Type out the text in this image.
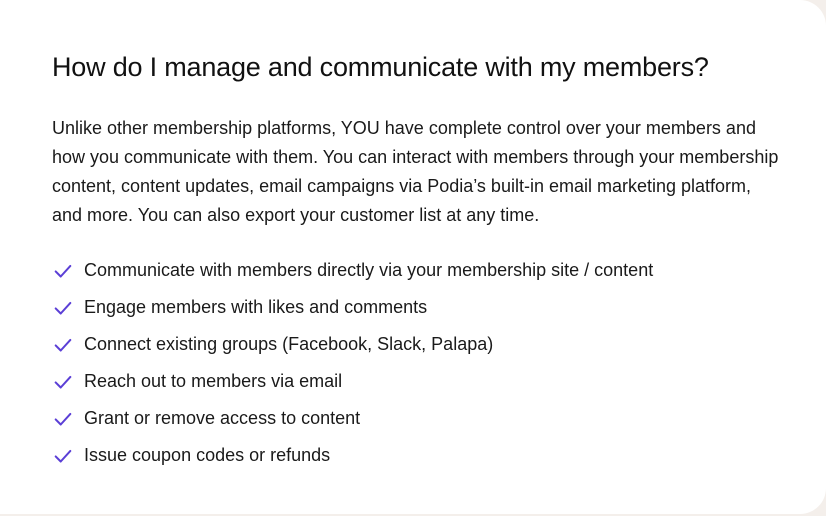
How do I manage and communicate with my members?

Unlike other membership platforms, YOU have complete control over your members and how you communicate with them. You can interact with members through your membership content, content updates, email campaigns via Podia’s built-in email marketing platform, and more. You can also export your customer list at any time.

Communicate with members directly via your membership site / content
Engage members with likes and comments
Connect existing groups (Facebook, Slack, Palapa)
Reach out to members via email
Grant or remove access to content
Issue coupon codes or refunds
